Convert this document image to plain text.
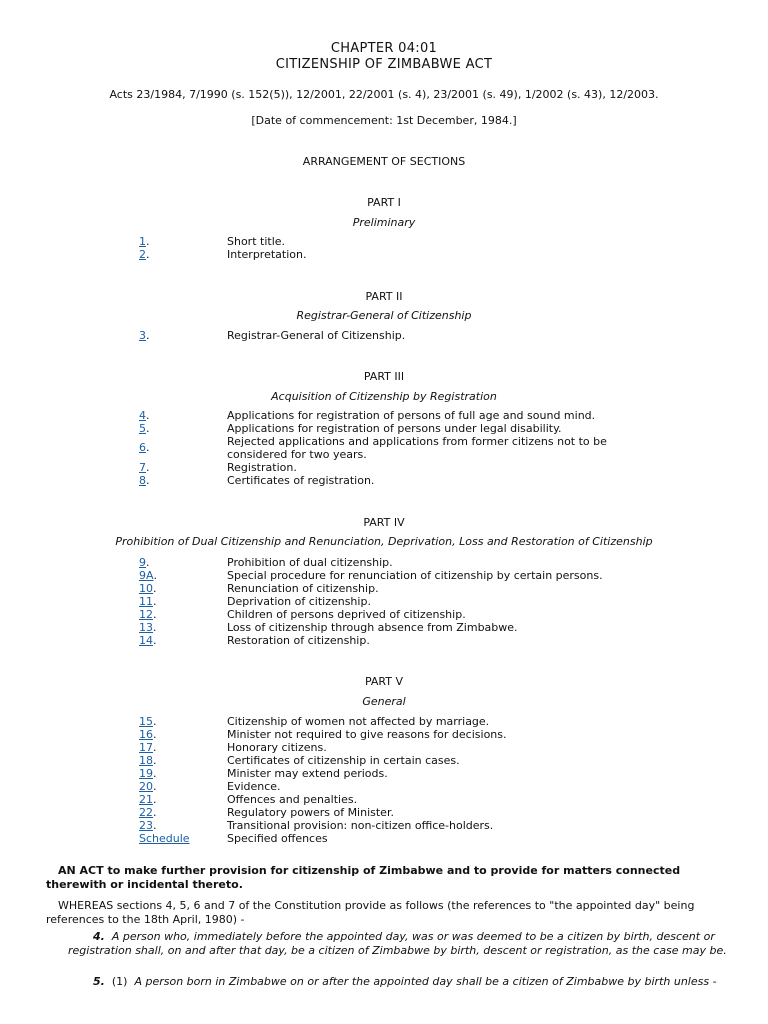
CHAPTER 04:01
CITIZENSHIP OF ZIMBABWE ACT
Acts 23/1984, 7/1990 (s. 152(5)), 12/2001, 22/2001 (s. 4), 23/2001 (s. 49), 1/2002 (s. 43), 12/2003.
[Date of commencement: 1st December, 1984.]
ARRANGEMENT OF SECTIONS
PART I
Preliminary
1.	Short title.
2.	Interpretation.
PART II
Registrar-General of Citizenship
3.	Registrar-General of Citizenship.
PART III
Acquisition of Citizenship by Registration
4.	Applications for registration of persons of full age and sound mind.
5.	Applications for registration of persons under legal disability.
6.	Rejected applications and applications from former citizens not to be considered for two years.
7.	Registration.
8.	Certificates of registration.
PART IV
Prohibition of Dual Citizenship and Renunciation, Deprivation, Loss and Restoration of Citizenship
9.	Prohibition of dual citizenship.
9A.	Special procedure for renunciation of citizenship by certain persons.
10.	Renunciation of citizenship.
11.	Deprivation of citizenship.
12.	Children of persons deprived of citizenship.
13.	Loss of citizenship through absence from Zimbabwe.
14.	Restoration of citizenship.
PART V
General
15.	Citizenship of women not affected by marriage.
16.	Minister not required to give reasons for decisions.
17.	Honorary citizens.
18.	Certificates of citizenship in certain cases.
19.	Minister may extend periods.
20.	Evidence.
21.	Offences and penalties.
22.	Regulatory powers of Minister.
23.	Transitional provision: non-citizen office-holders.
Schedule	Specified offences
AN ACT to make further provision for citizenship of Zimbabwe and to provide for matters connected therewith or incidental thereto.
WHEREAS sections 4, 5, 6 and 7 of the Constitution provide as follows (the references to "the appointed day" being references to the 18th April, 1980) -
4. A person who, immediately before the appointed day, was or was deemed to be a citizen by birth, descent or registration shall, on and after that day, be a citizen of Zimbabwe by birth, descent or registration, as the case may be.
5. (1) A person born in Zimbabwe on or after the appointed day shall be a citizen of Zimbabwe by birth unless -
